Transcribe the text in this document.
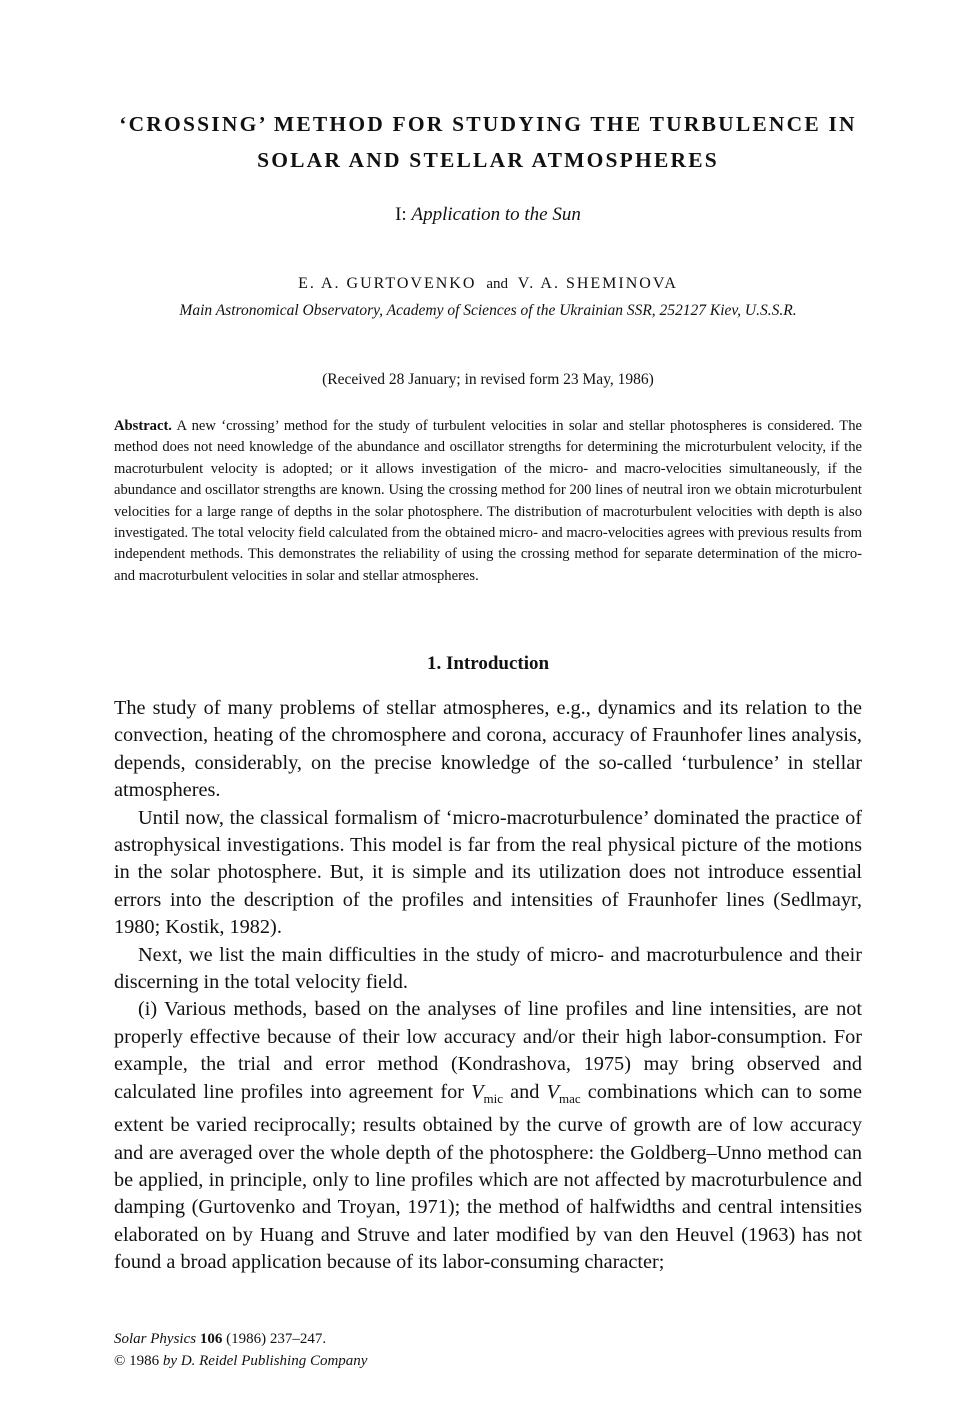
‘CROSSING’ METHOD FOR STUDYING THE TURBULENCE IN
SOLAR AND STELLAR ATMOSPHERES
I: Application to the Sun
E. A. GURTOVENKO and V. A. SHEMINOVA
Main Astronomical Observatory, Academy of Sciences of the Ukrainian SSR, 252127 Kiev, U.S.S.R.
(Received 28 January; in revised form 23 May, 1986)

Abstract. A new ‘crossing’ method for the study of turbulent velocities in solar and stellar photospheres is considered. The method does not need knowledge of the abundance and oscillator strengths for determining the microturbulent velocity, if the macroturbulent velocity is adopted; or it allows investigation of the micro- and macro-velocities simultaneously, if the abundance and oscillator strengths are known. Using the crossing method for 200 lines of neutral iron we obtain microturbulent velocities for a large range of depths in the solar photosphere. The distribution of macroturbulent velocities with depth is also investigated. The total velocity field calculated from the obtained micro- and macro-velocities agrees with previous results from independent methods. This demonstrates the reliability of using the crossing method for separate determination of the micro- and macroturbulent velocities in solar and stellar atmospheres.

1. Introduction

The study of many problems of stellar atmospheres, e.g., dynamics and its relation to the convection, heating of the chromosphere and corona, accuracy of Fraunhofer lines analysis, depends, considerably, on the precise knowledge of the so-called ‘turbulence’ in stellar atmospheres.

Until now, the classical formalism of ‘micro-macroturbulence’ dominated the practice of astrophysical investigations. This model is far from the real physical picture of the motions in the solar photosphere. But, it is simple and its utilization does not introduce essential errors into the description of the profiles and intensities of Fraunhofer lines (Sedlmayr, 1980; Kostik, 1982).

Next, we list the main difficulties in the study of micro- and macroturbulence and their discerning in the total velocity field.

(i) Various methods, based on the analyses of line profiles and line intensities, are not properly effective because of their low accuracy and/or their high labor-consumption. For example, the trial and error method (Kondrashova, 1975) may bring observed and calculated line profiles into agreement for $V_{mic}$ and $V_{mac}$ combinations which can to some extent be varied reciprocally; results obtained by the curve of growth are of low accuracy and are averaged over the whole depth of the photosphere: the Goldberg–Unno method can be applied, in principle, only to line profiles which are not affected by macroturbulence and damping (Gurtovenko and Troyan, 1971); the method of halfwidths and central intensities elaborated on by Huang and Struve and later modified by van den Heuvel (1963) has not found a broad application because of its labor-consuming character;

Solar Physics 106 (1986) 237–247.
© 1986 by D. Reidel Publishing Company
